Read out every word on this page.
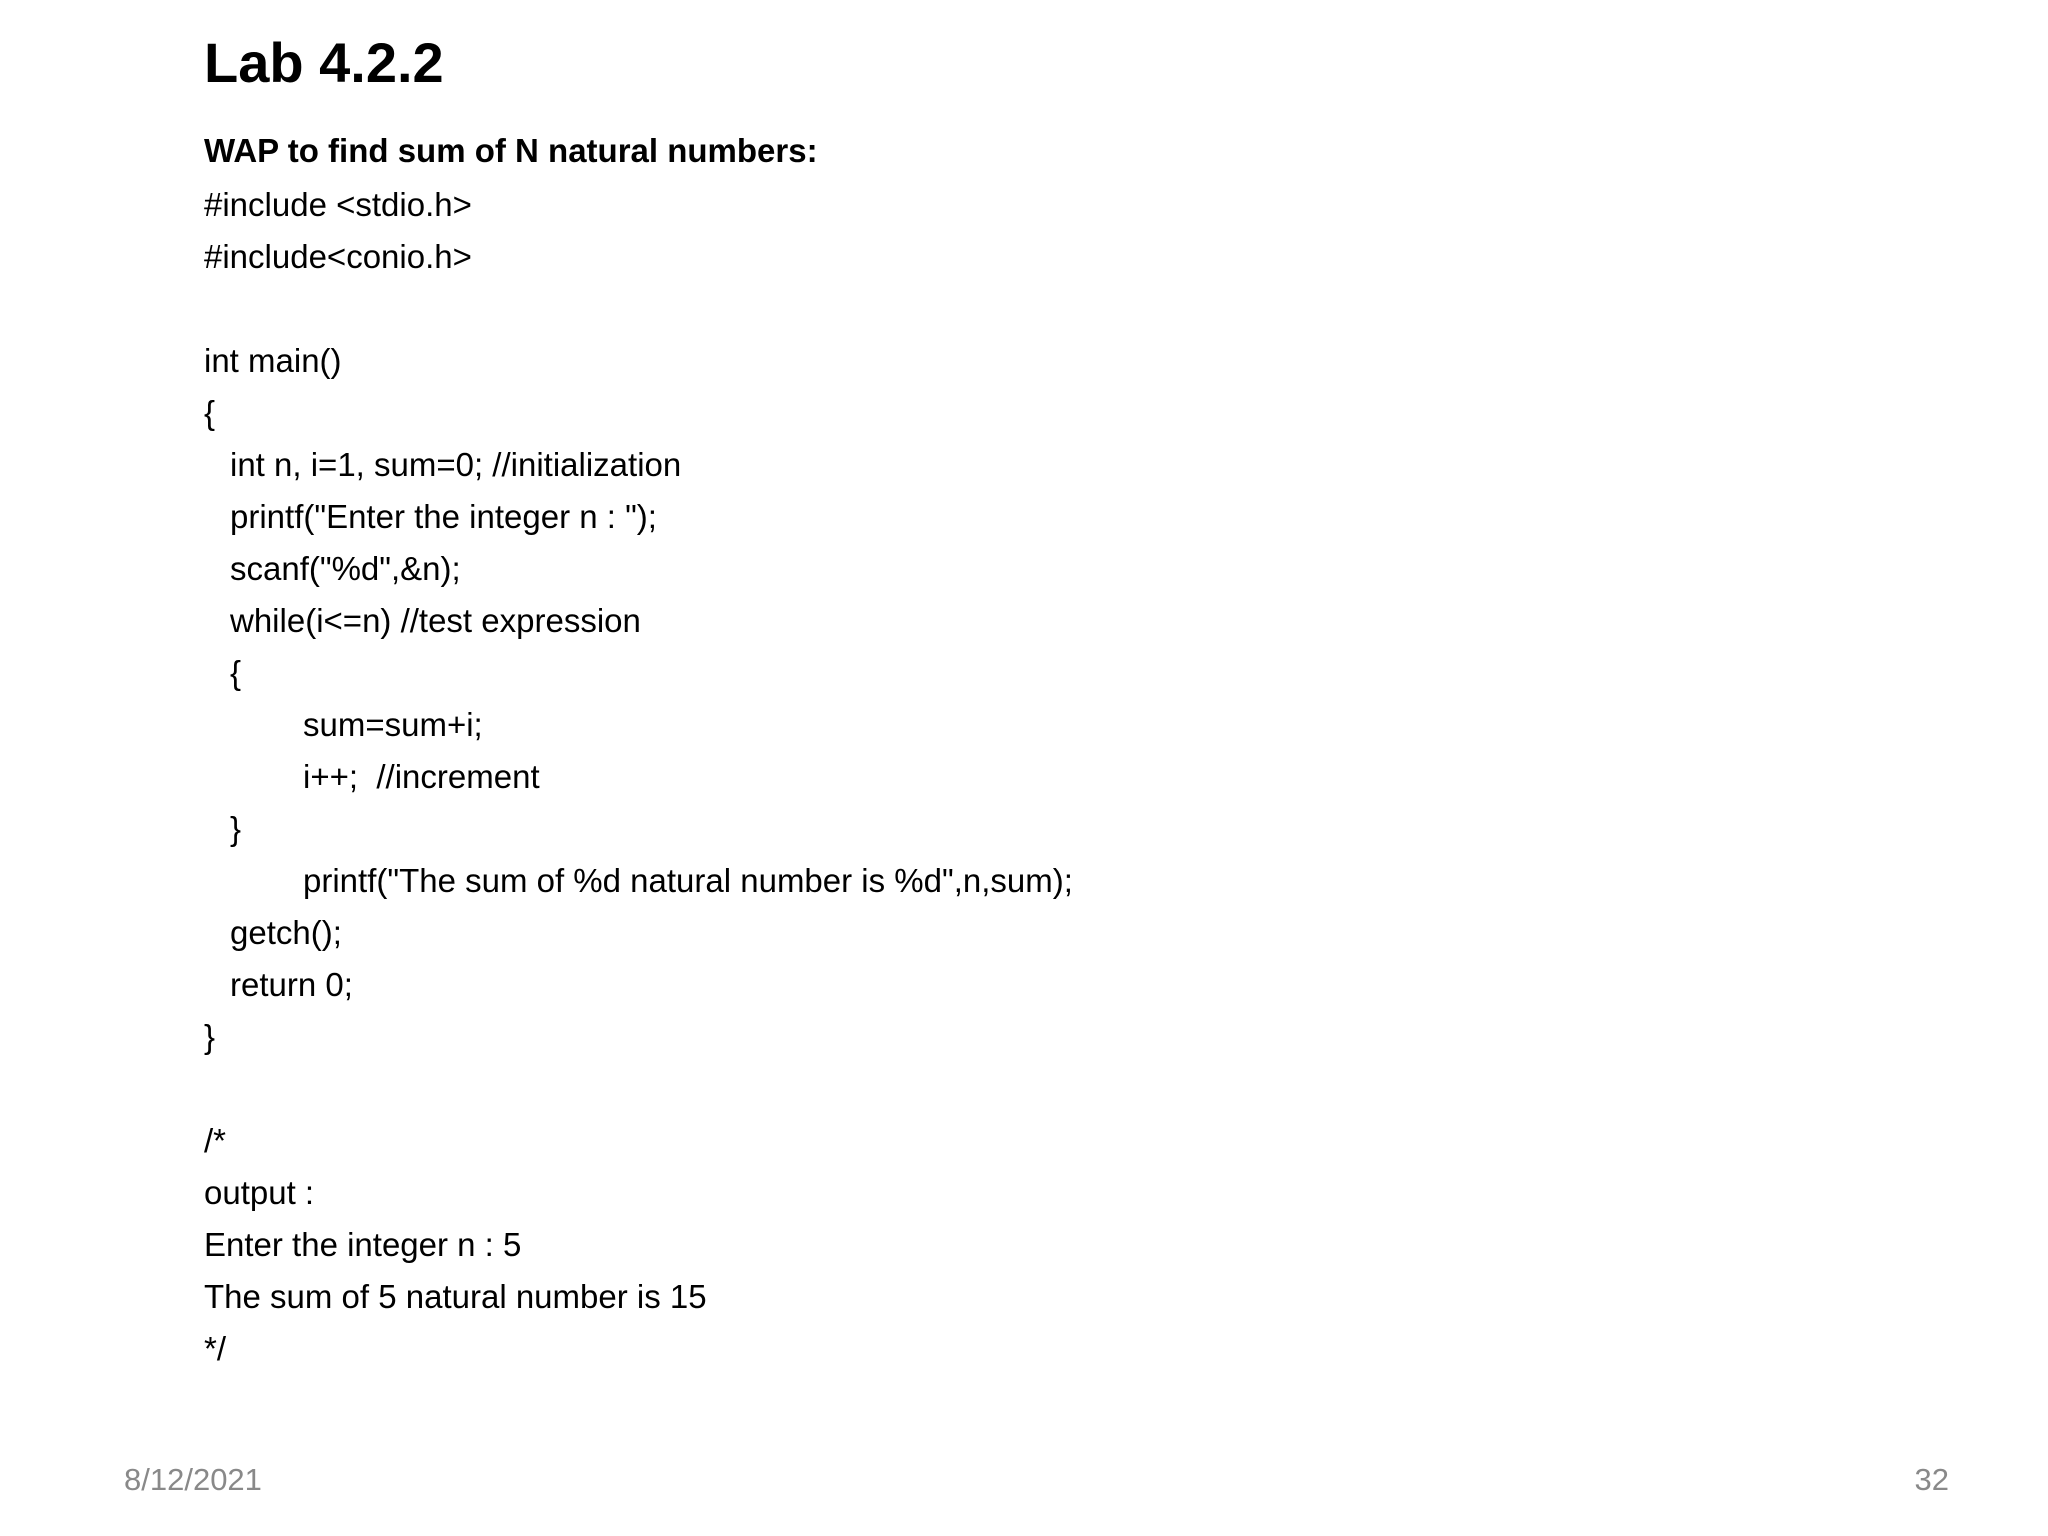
Lab 4.2.2
WAP to find sum of N natural numbers:
#include <stdio.h>
#include<conio.h>
int main()
{
int n, i=1, sum=0; //initialization
printf("Enter the integer n : ");
scanf("%d",&n);
while(i<=n) //test expression
{
sum=sum+i;
i++;  //increment
}
printf("The sum of %d natural number is %d",n,sum);
getch();
return 0;
}
/*
output :
Enter the integer n : 5
The sum of 5 natural number is 15
*/
8/12/2021	32
